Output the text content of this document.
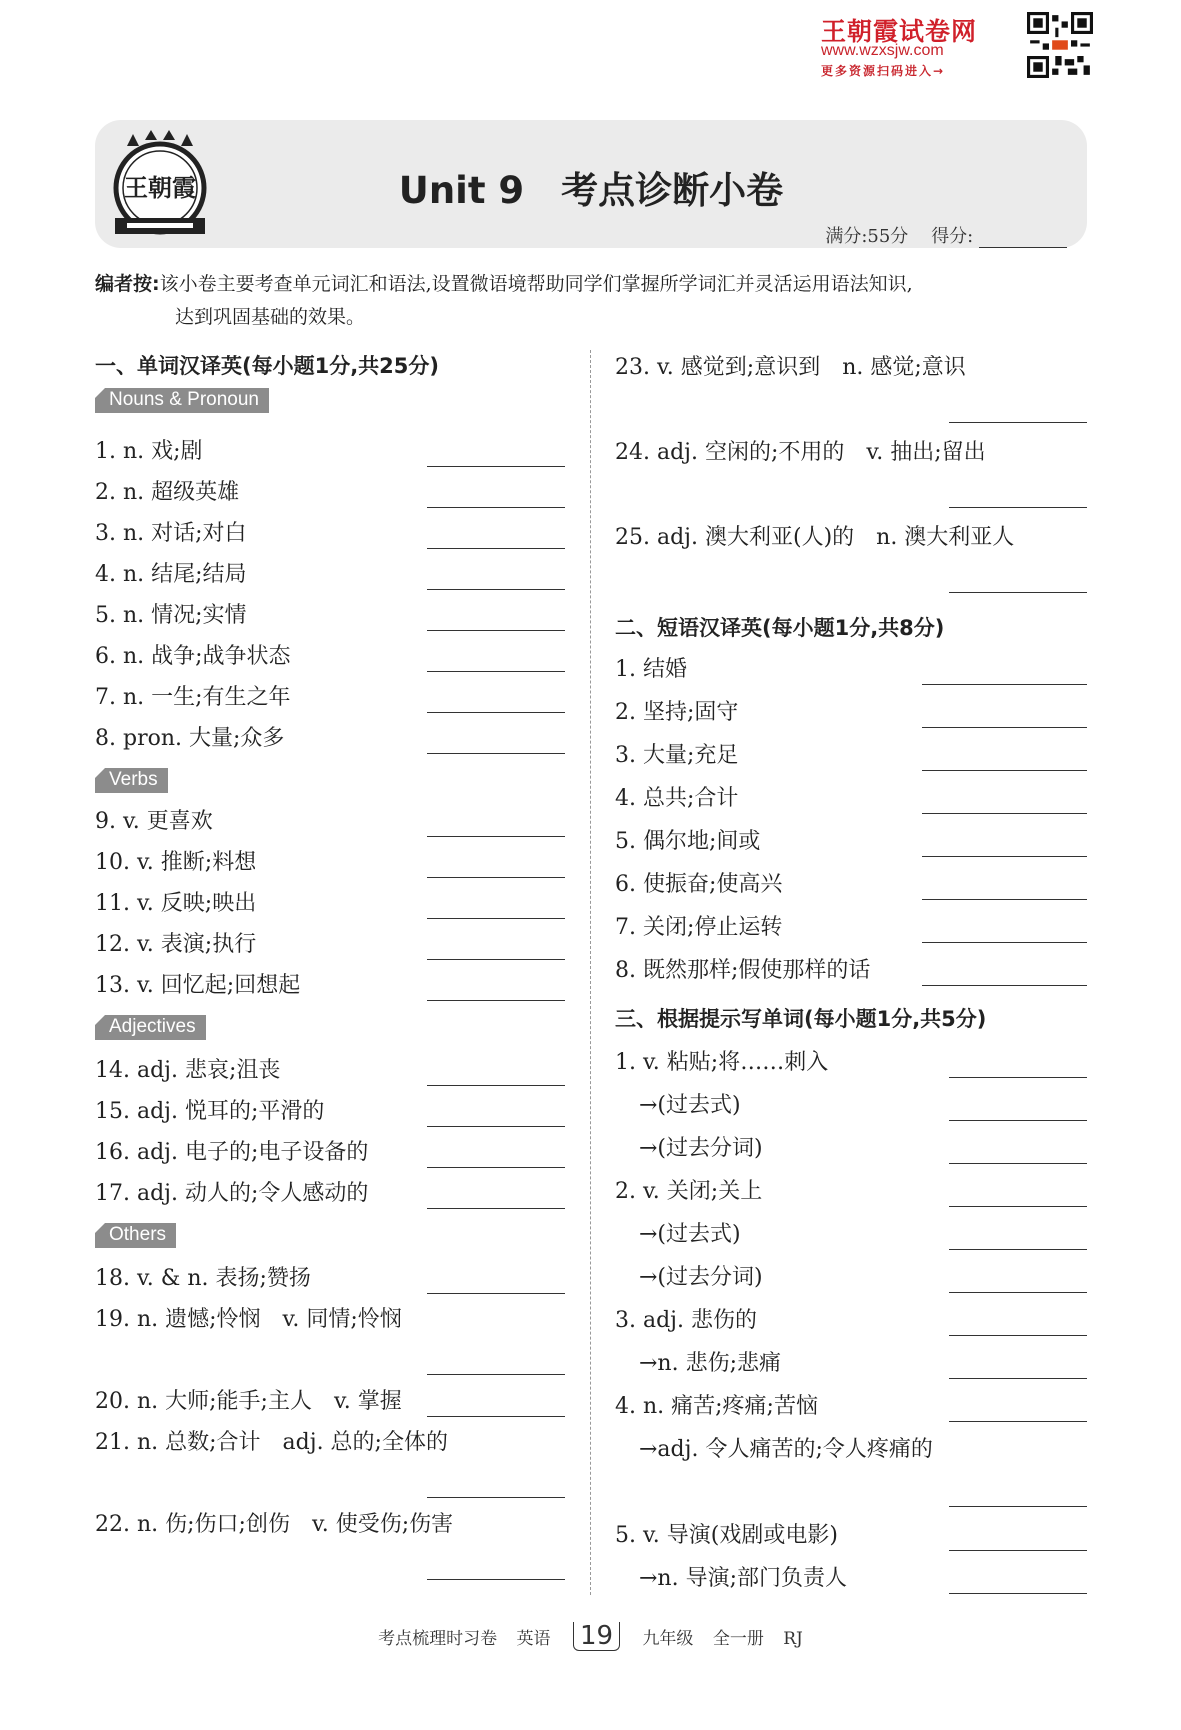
王朝霞试卷网
www.wzxsjw.com
更多资源扫码进入→
王朝霞	Unit 9　考点诊断小卷
满分:55分 得分:
编者按:该小卷主要考查单元词汇和语法,设置微语境帮助同学们掌握所学词汇并灵活运用语法知识,
达到巩固基础的效果。
一、单词汉译英(每小题1分,共25分)
Nouns & Pronoun
1. n. 戏;剧
2. n. 超级英雄
3. n. 对话;对白
4. n. 结尾;结局
5. n. 情况;实情
6. n. 战争;战争状态
7. n. 一生;有生之年
8. pron. 大量;众多
Verbs
9. v. 更喜欢
10. v. 推断;料想
11. v. 反映;映出
12. v. 表演;执行
13. v. 回忆起;回想起
Adjectives
14. adj. 悲哀;沮丧
15. adj. 悦耳的;平滑的
16. adj. 电子的;电子设备的
17. adj. 动人的;令人感动的
Others
18. v. & n. 表扬;赞扬
19. n. 遗憾;怜悯　v. 同情;怜悯
20. n. 大师;能手;主人　v. 掌握
21. n. 总数;合计　adj. 总的;全体的
22. n. 伤;伤口;创伤　v. 使受伤;伤害
23. v. 感觉到;意识到　n. 感觉;意识
24. adj. 空闲的;不用的　v. 抽出;留出
25. adj. 澳大利亚(人)的　n. 澳大利亚人
二、短语汉译英(每小题1分,共8分)
1. 结婚
2. 坚持;固守
3. 大量;充足
4. 总共;合计
5. 偶尔地;间或
6. 使振奋;使高兴
7. 关闭;停止运转
8. 既然那样;假使那样的话
三、根据提示写单词(每小题1分,共5分)
1. v. 粘贴;将……刺入
→(过去式)
→(过去分词)
2. v. 关闭;关上
→(过去式)
→(过去分词)
3. adj. 悲伤的
→n. 悲伤;悲痛
4. n. 痛苦;疼痛;苦恼
→adj. 令人痛苦的;令人疼痛的
5. v. 导演(戏剧或电影)
→n. 导演;部门负责人
考点梳理时习卷 英语 19 九年级 全一册 RJ
